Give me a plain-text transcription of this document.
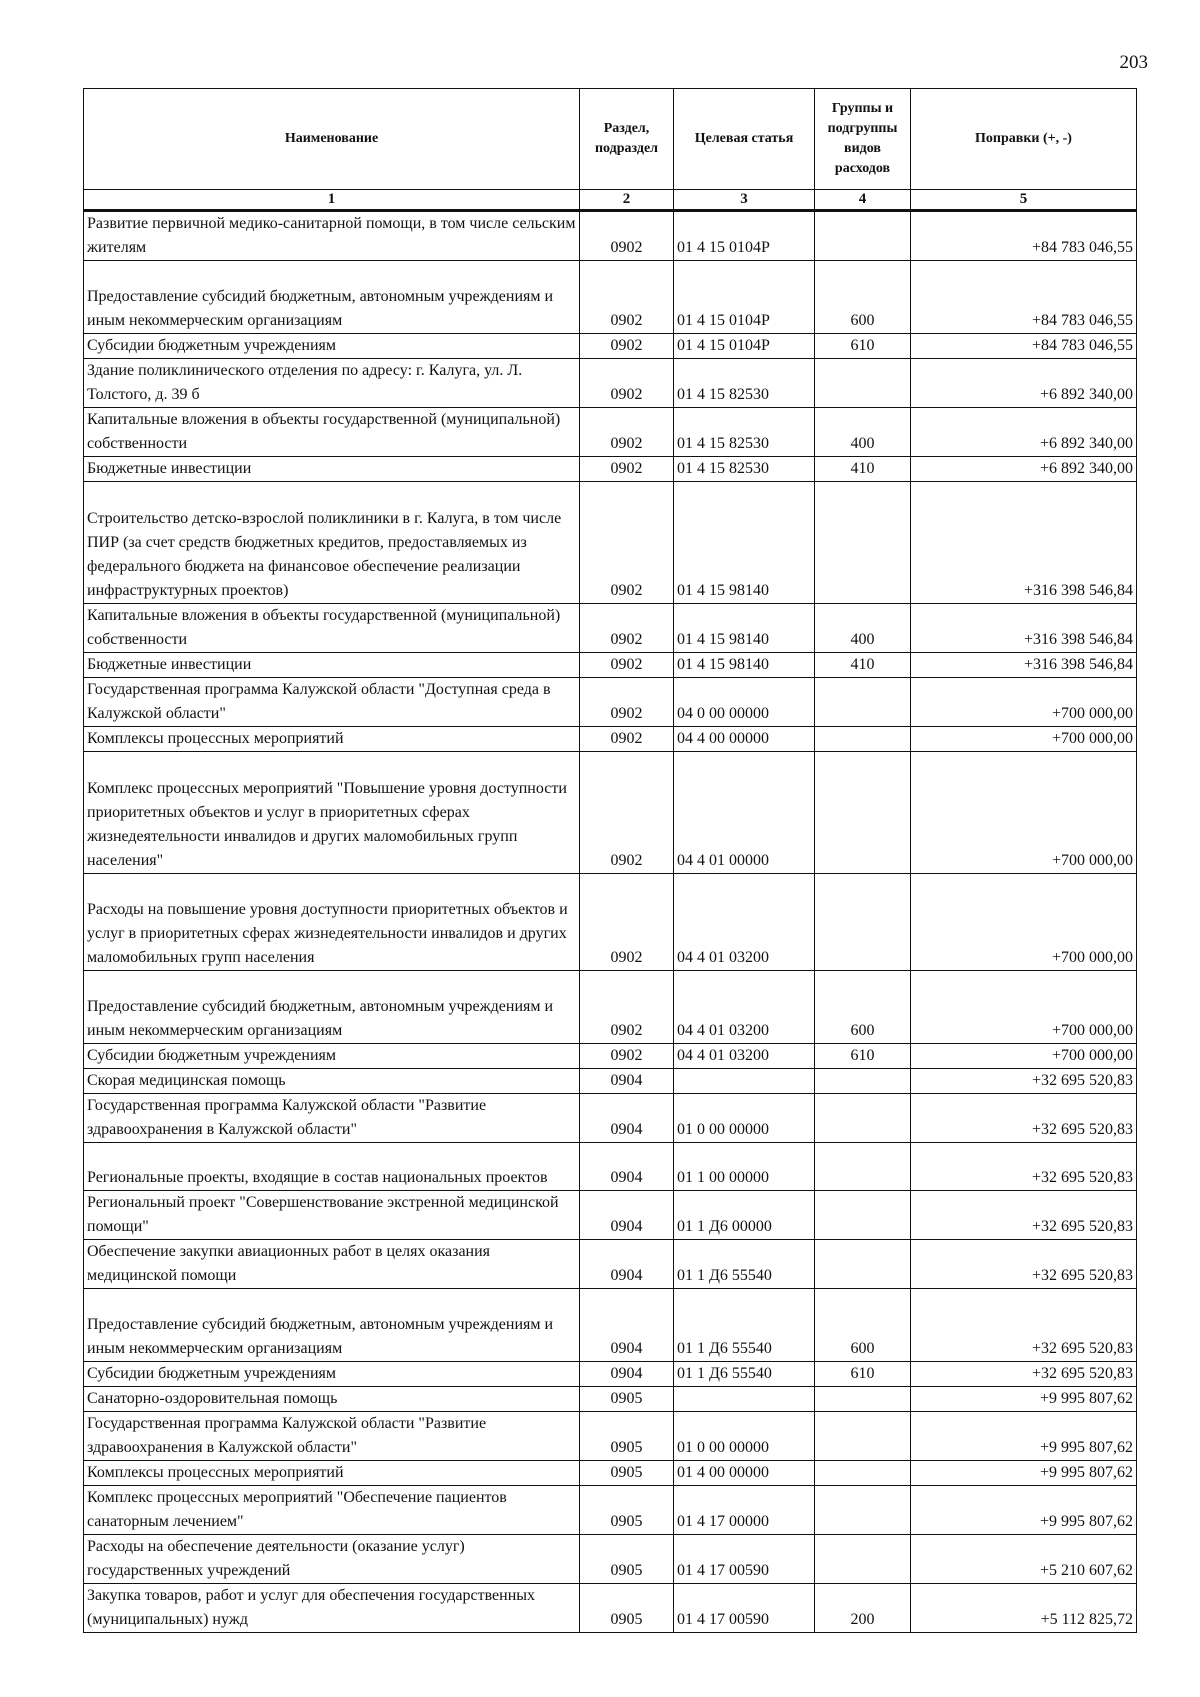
203
Наименование	Раздел, подраздел	Целевая статья	Группы и подгруппы видов расходов	Поправки (+, -)
1	2	3	4	5
Развитие первичной медико-санитарной помощи, в том числе сельским жителям	0902	01 4 15 0104Р		+84 783 046,55
Предоставление субсидий бюджетным, автономным учреждениям и иным некоммерческим организациям	0902	01 4 15 0104Р	600	+84 783 046,55
Субсидии бюджетным учреждениям	0902	01 4 15 0104Р	610	+84 783 046,55
Здание поликлинического отделения по адресу: г. Калуга, ул. Л. Толстого, д. 39 б	0902	01 4 15 82530		+6 892 340,00
Капитальные вложения в объекты государственной (муниципальной) собственности	0902	01 4 15 82530	400	+6 892 340,00
Бюджетные инвестиции	0902	01 4 15 82530	410	+6 892 340,00
Строительство детско-взрослой поликлиники в г. Калуга, в том числе ПИР (за счет средств бюджетных кредитов, предоставляемых из федерального бюджета на финансовое обеспечение реализации инфраструктурных проектов)	0902	01 4 15 98140		+316 398 546,84
Капитальные вложения в объекты государственной (муниципальной) собственности	0902	01 4 15 98140	400	+316 398 546,84
Бюджетные инвестиции	0902	01 4 15 98140	410	+316 398 546,84
Государственная программа Калужской области "Доступная среда в Калужской области"	0902	04 0 00 00000		+700 000,00
Комплексы процессных мероприятий	0902	04 4 00 00000		+700 000,00
Комплекс процессных мероприятий "Повышение уровня доступности приоритетных объектов и услуг в приоритетных сферах жизнедеятельности инвалидов и других маломобильных групп населения"	0902	04 4 01 00000		+700 000,00
Расходы на повышение уровня доступности приоритетных объектов и услуг в приоритетных сферах жизнедеятельности инвалидов и других маломобильных групп населения	0902	04 4 01 03200		+700 000,00
Предоставление субсидий бюджетным, автономным учреждениям и иным некоммерческим организациям	0902	04 4 01 03200	600	+700 000,00
Субсидии бюджетным учреждениям	0902	04 4 01 03200	610	+700 000,00
Скорая медицинская помощь	0904			+32 695 520,83
Государственная программа Калужской области "Развитие здравоохранения в Калужской области"	0904	01 0 00 00000		+32 695 520,83
Региональные проекты, входящие в состав национальных проектов	0904	01 1 00 00000		+32 695 520,83
Региональный проект "Совершенствование экстренной медицинской помощи"	0904	01 1 Д6 00000		+32 695 520,83
Обеспечение закупки авиационных работ в целях оказания медицинской помощи	0904	01 1 Д6 55540		+32 695 520,83
Предоставление субсидий бюджетным, автономным учреждениям и иным некоммерческим организациям	0904	01 1 Д6 55540	600	+32 695 520,83
Субсидии бюджетным учреждениям	0904	01 1 Д6 55540	610	+32 695 520,83
Санаторно-оздоровительная помощь	0905			+9 995 807,62
Государственная программа Калужской области "Развитие здравоохранения в Калужской области"	0905	01 0 00 00000		+9 995 807,62
Комплексы процессных мероприятий	0905	01 4 00 00000		+9 995 807,62
Комплекс процессных мероприятий "Обеспечение пациентов санаторным лечением"	0905	01 4 17 00000		+9 995 807,62
Расходы на обеспечение деятельности (оказание услуг) государственных учреждений	0905	01 4 17 00590		+5 210 607,62
Закупка товаров, работ и услуг для обеспечения государственных (муниципальных) нужд	0905	01 4 17 00590	200	+5 112 825,72
